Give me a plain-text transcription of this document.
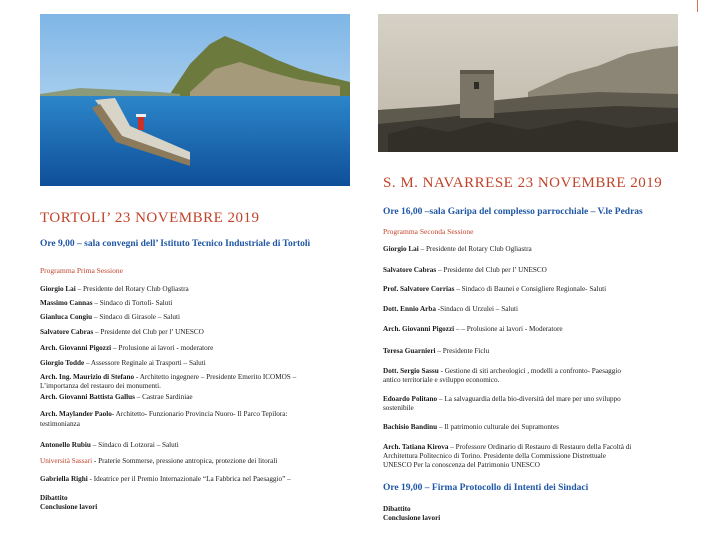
TORTOLI’ 23 NOVEMBRE 2019
Ore 9,00 – sala convegni dell’ Istituto Tecnico Industriale di Tortolì
Programma Prima Sessione
Giorgio Lai – Presidente del Rotary Club Ogliastra
Massimo Cannas – Sindaco di Tortolì- Saluti
Gianluca Congiu – Sindaco di Girasole – Saluti
Salvatore Cabras – Presidente del Club per l’ UNESCO
Arch. Giovanni Pigozzi – Prolusione ai lavori - moderatore
Giorgio Todde – Assessore Reginale ai Trasporti – Saluti
Arch. Ing. Maurizio di Stefano - Architetto ingegnere – Presidente Emerito ICOMOS –
L’importanza del restauro dei monumenti.
Arch. Giovanni Battista Gallus – Castrae Sardiniae
Arch. Maylander Paolo- Architetto- Funzionario Provincia Nuoro- Il Parco Tepilora:
testimonianza
Antonello Rubiu – Sindaco di Lotzorai – Saluti
Università Sassari - Praterie Sommerse, pressione antropica, protezione dei litorali
Gabriella Righi - Ideatrice per il Premio Internazionale “La Fabbrica nel Paesaggio” –
Dibattito
Conclusione lavori
S. M. NAVARRESE 23 NOVEMBRE 2019
Ore 16,00 –sala Garipa del complesso parrocchiale – V.le Pedras
Programma Seconda Sessione
Giorgio Lai – Presidente del Rotary Club Ogliastra
Salvatore Cabras – Presidente del Club per l’ UNESCO
Prof. Salvatore Corrias – Sindaco di Baunei e Consigliere Regionale- Saluti
Dott. Ennio Arba -Sindaco di Urzulei – Saluti
Arch. Giovanni Pigozzi – – Prolusione ai lavori - Moderatore
Teresa Guarnieri – Presidente Ficlu
Dott. Sergio Sassu - Gestione di siti archeologici , modelli a confronto- Paesaggio
antico territoriale e sviluppo economico.
Edoardo Politano – La salvaguardia della bio-diversità del mare per uno sviluppo
sostenibile
Bachisio Bandinu – Il patrimonio culturale dei Supramontes
Arch. Tatiana Kirova – Professore Ordinario di Restauro di Restauro della Facoltà di
Architettura Politecnico di Torino. Presidente della Commissione Distrettuale
UNESCO Per la conoscenza del Patrimonio UNESCO
Ore 19,00 – Firma Protocollo di Intenti dei Sindaci
Dibattito
Conclusione lavori
